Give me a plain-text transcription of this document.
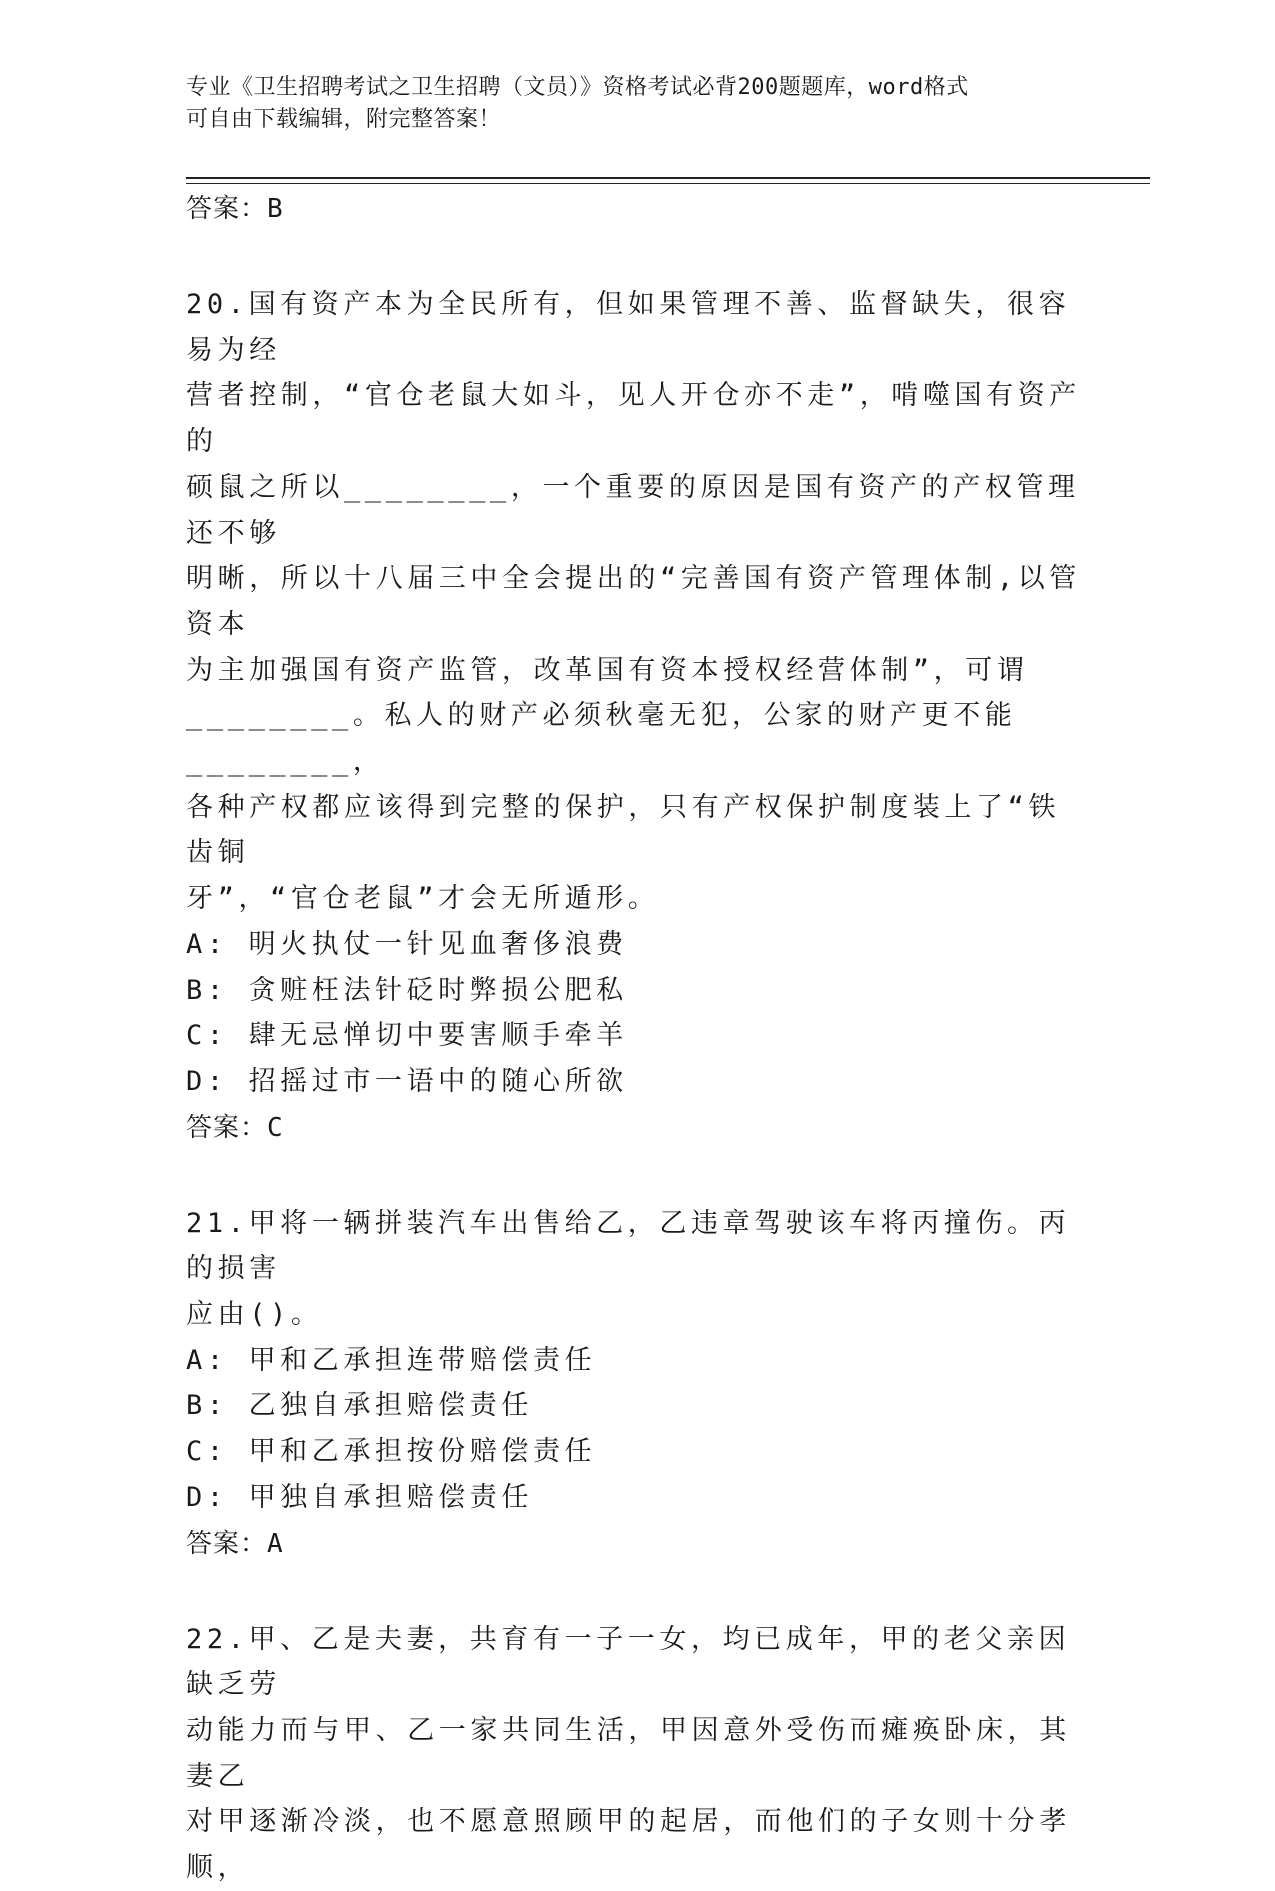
专业《卫生招聘考试之卫生招聘（文员）》资格考试必背200题题库，word格式
可自由下载编辑，附完整答案！
答案：B
20.国有资产本为全民所有，但如果管理不善、监督缺失，很容易为经
营者控制，“官仓老鼠大如斗，见人开仓亦不走”，啃噬国有资产的
硕鼠之所以________，一个重要的原因是国有资产的产权管理还不够
明晰，所以十八届三中全会提出的“完善国有资产管理体制,以管资本
为主加强国有资产监管，改革国有资本授权经营体制”，可谓
________。私人的财产必须秋毫无犯，公家的财产更不能________，
各种产权都应该得到完整的保护，只有产权保护制度装上了“铁齿铜
牙”，“官仓老鼠”才会无所遁形。
A: 明火执仗一针见血奢侈浪费
B: 贪赃枉法针砭时弊损公肥私
C: 肆无忌惮切中要害顺手牵羊
D: 招摇过市一语中的随心所欲
答案：C
21.甲将一辆拼装汽车出售给乙，乙违章驾驶该车将丙撞伤。丙的损害
应由()。
A: 甲和乙承担连带赔偿责任
B: 乙独自承担赔偿责任
C: 甲和乙承担按份赔偿责任
D: 甲独自承担赔偿责任
答案：A
22.甲、乙是夫妻，共育有一子一女，均已成年，甲的老父亲因缺乏劳
动能力而与甲、乙一家共同生活，甲因意外受伤而瘫痪卧床，其妻乙
对甲逐渐冷淡，也不愿意照顾甲的起居，而他们的子女则十分孝顺，
